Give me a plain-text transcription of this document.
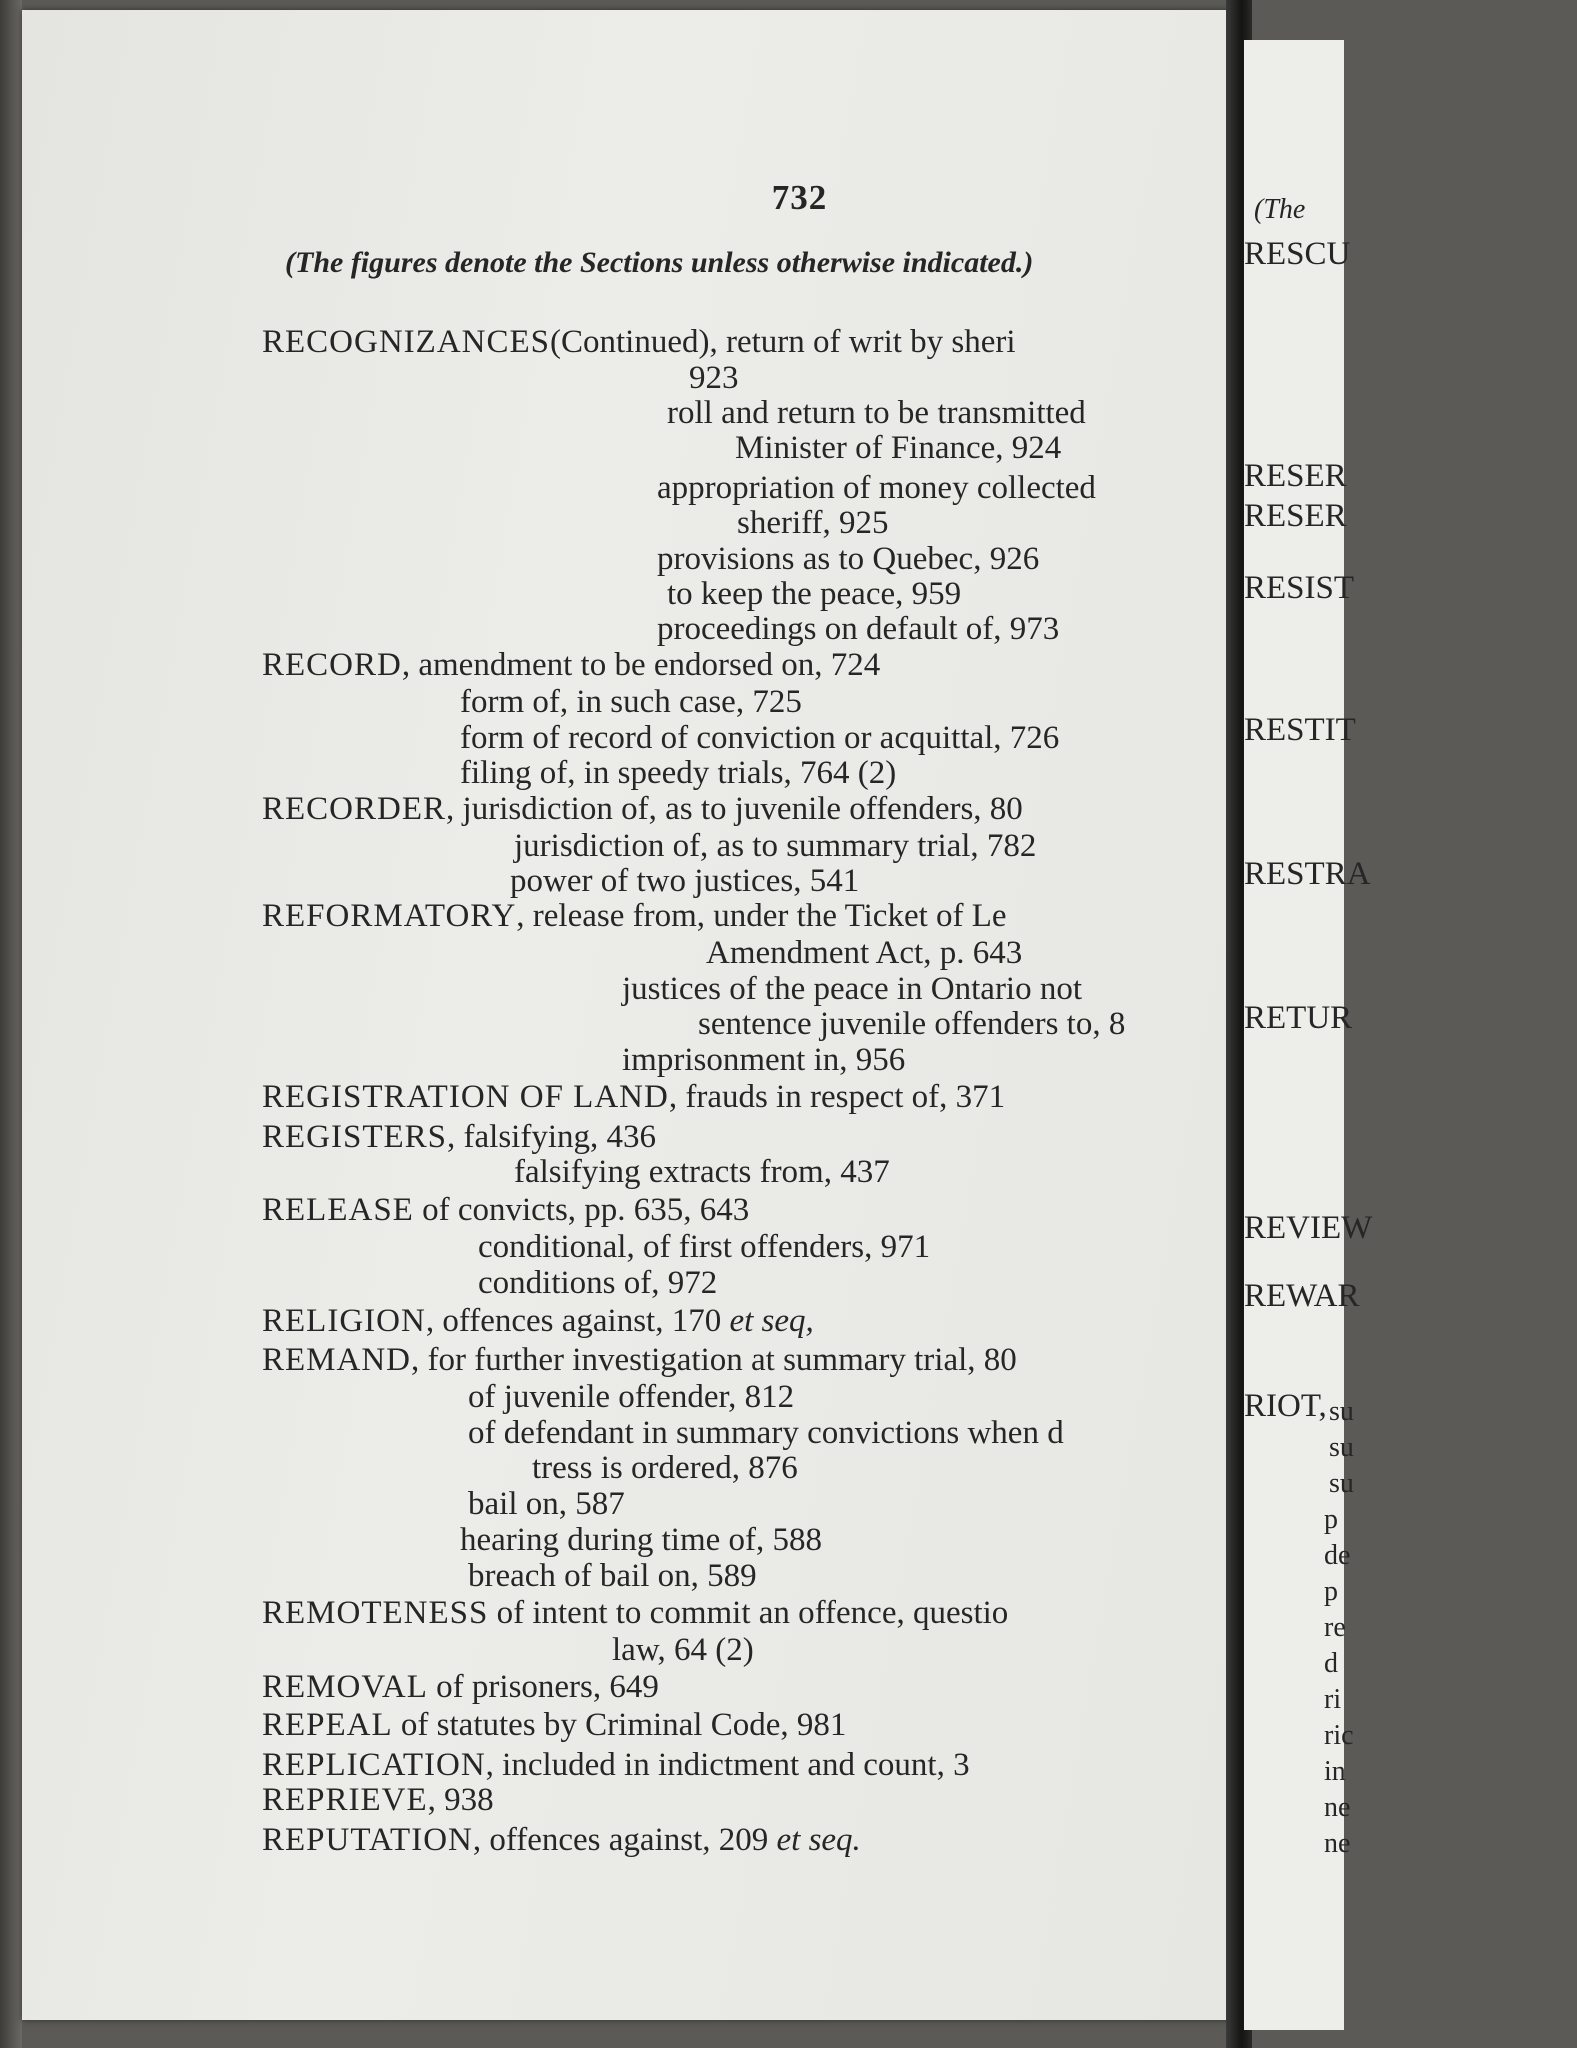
732
(The figures denote the Sections unless otherwise indicated.)
RECOGNIZANCES(Continued), return of writ by sheri
923
roll and return to be transmitted
Minister of Finance, 924
appropriation of money collected
sheriff, 925
provisions as to Quebec, 926
to keep the peace, 959
proceedings on default of, 973
RECORD, amendment to be endorsed on, 724
form of, in such case, 725
form of record of conviction or acquittal, 726
filing of, in speedy trials, 764 (2)
RECORDER, jurisdiction of, as to juvenile offenders, 80
jurisdiction of, as to summary trial, 782
power of two justices, 541
REFORMATORY, release from, under the Ticket of Le
Amendment Act, p. 643
justices of the peace in Ontario not
sentence juvenile offenders to, 8
imprisonment in, 956
REGISTRATION OF LAND, frauds in respect of, 371
REGISTERS, falsifying, 436
falsifying extracts from, 437
RELEASE of convicts, pp. 635, 643
conditional, of first offenders, 971
conditions of, 972
RELIGION, offences against, 170 et seq,
REMAND, for further investigation at summary trial, 80
of juvenile offender, 812
of defendant in summary convictions when d
tress is ordered, 876
bail on, 587
hearing during time of, 588
breach of bail on, 589
REMOTENESS of intent to commit an offence, questio
law, 64 (2)
REMOVAL of prisoners, 649
REPEAL of statutes by Criminal Code, 981
REPLICATION, included in indictment and count, 3
REPRIEVE, 938
REPUTATION, offences against, 209 et seq.
(The
RESCU
RESER
RESER
RESIST
RESTIT
RESTRA
RETUR
REVIEW
REWAR
RIOT, su
su
su
p
de
p
re
d
ri
ric
in
ne
ne
